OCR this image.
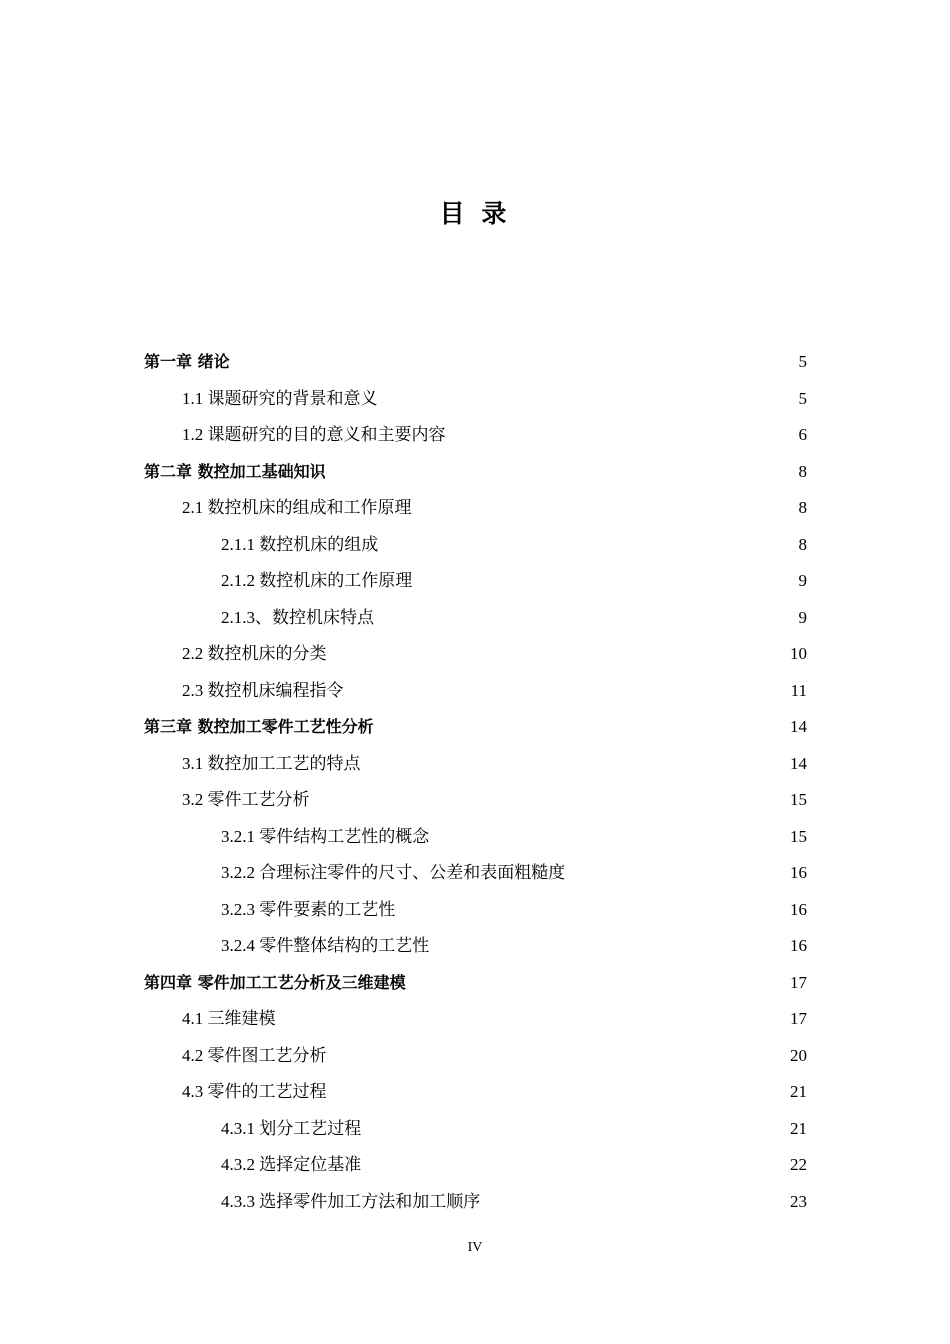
目 录
第一章 绪论	5
1.1 课题研究的背景和意义	5
1.2 课题研究的目的意义和主要内容	6
第二章 数控加工基础知识	8
2.1 数控机床的组成和工作原理	8
2.1.1 数控机床的组成	8
2.1.2 数控机床的工作原理	9
2.1.3、数控机床特点	9
2.2 数控机床的分类	10
2.3 数控机床编程指令	11
第三章 数控加工零件工艺性分析	14
3.1 数控加工工艺的特点	14
3.2 零件工艺分析	15
3.2.1 零件结构工艺性的概念	15
3.2.2 合理标注零件的尺寸、公差和表面粗糙度	16
3.2.3 零件要素的工艺性	16
3.2.4 零件整体结构的工艺性	16
第四章 零件加工工艺分析及三维建模	17
4.1 三维建模	17
4.2 零件图工艺分析	20
4.3 零件的工艺过程	21
4.3.1 划分工艺过程	21
4.3.2 选择定位基准	22
4.3.3 选择零件加工方法和加工顺序	23
IV
